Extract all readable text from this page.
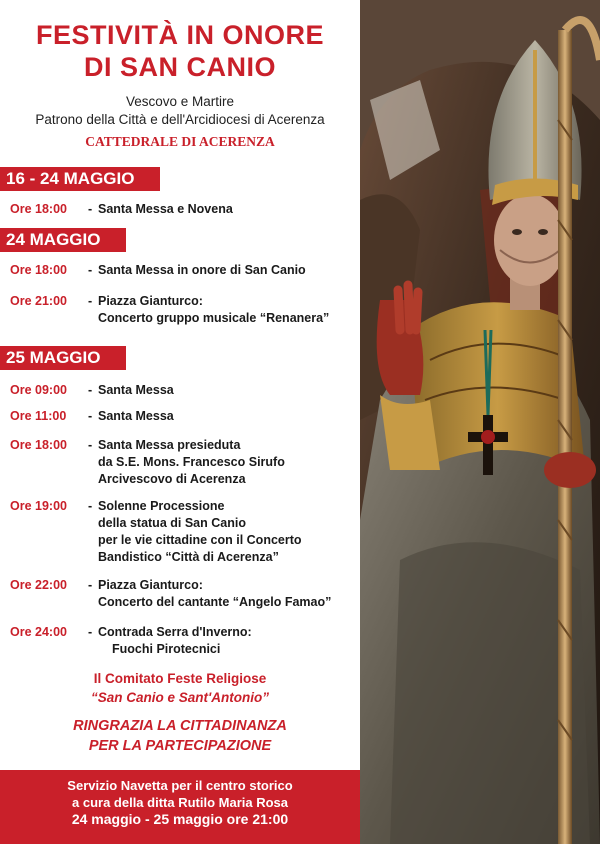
FESTIVITÀ IN ONORE
DI SAN CANIO
Vescovo e Martire
Patrono della Città e dell'Arcidiocesi di Acerenza
CATTEDRALE DI ACERENZA
16 - 24 MAGGIO
Ore 18:00 - Santa Messa e Novena
24 MAGGIO
Ore 18:00 - Santa Messa in onore di San Canio
Ore 21:00 - Piazza Gianturco:
Concerto gruppo musicale “Renanera”
25 MAGGIO
Ore 09:00 - Santa Messa
Ore 11:00 - Santa Messa
Ore 18:00 - Santa Messa presieduta
da S.E. Mons. Francesco Sirufo
Arcivescovo di Acerenza
Ore 19:00 - Solenne Processione
della statua di San Canio
per le vie cittadine con il Concerto
Bandistico “Città di Acerenza”
Ore 22:00 - Piazza Gianturco:
Concerto del cantante “Angelo Famao”
Ore 24:00 - Contrada Serra d'Inverno:
Fuochi Pirotecnici
Il Comitato Feste Religiose
“San Canio e Sant'Antonio”
RINGRAZIA LA CITTADINANZA
PER LA PARTECIPAZIONE
Servizio Navetta per il centro storico
a cura della ditta Rutilo Maria Rosa
24 maggio - 25 maggio ore 21:00
